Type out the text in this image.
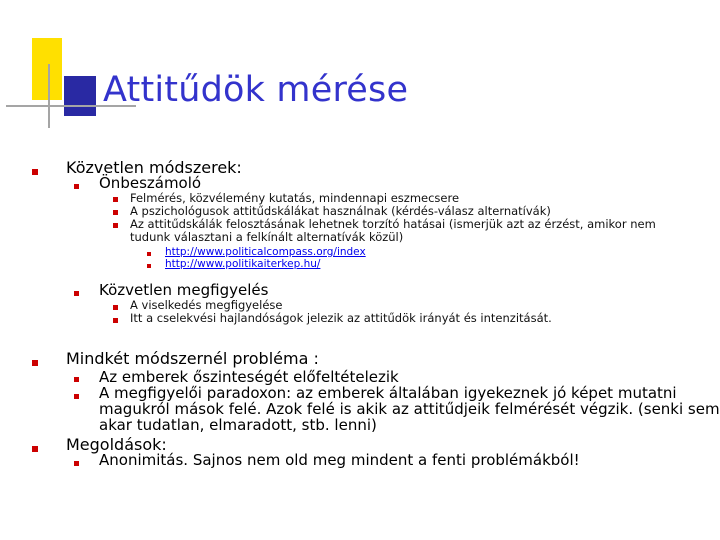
Attitűdök mérése

Közvetlen módszerek:

Önbeszámoló

Felmérés, közvélemény kutatás, mindennapi eszmecsere

A pszichológusok attitűdskálákat használnak (kérdés-válasz alternatívák)

Az attitűdskálák felosztásának lehetnek torzító hatásai (ismerjük azt az érzést, amikor nem

tudunk választani a felkínált alternatívák közül)

http://www.politicalcompass.org/index
http://www.politikaiterkep.hu/

Közvetlen megfigyelés

A viselkedés megfigyelése

Itt a cselekvési hajlandóságok jelezik az attitűdök irányát és intenzitását.

Mindkét módszernél probléma :

Az emberek őszinteségét előfeltételezik

A megfigyelői paradoxon: az emberek általában igyekeznek jó képet mutatni

magukról mások felé. Azok felé is akik az attitűdjeik felmérését végzik. (senki sem

akar tudatlan, elmaradott, stb. lenni)

Megoldások:

Anonimitás. Sajnos nem old meg mindent a fenti problémákból!
